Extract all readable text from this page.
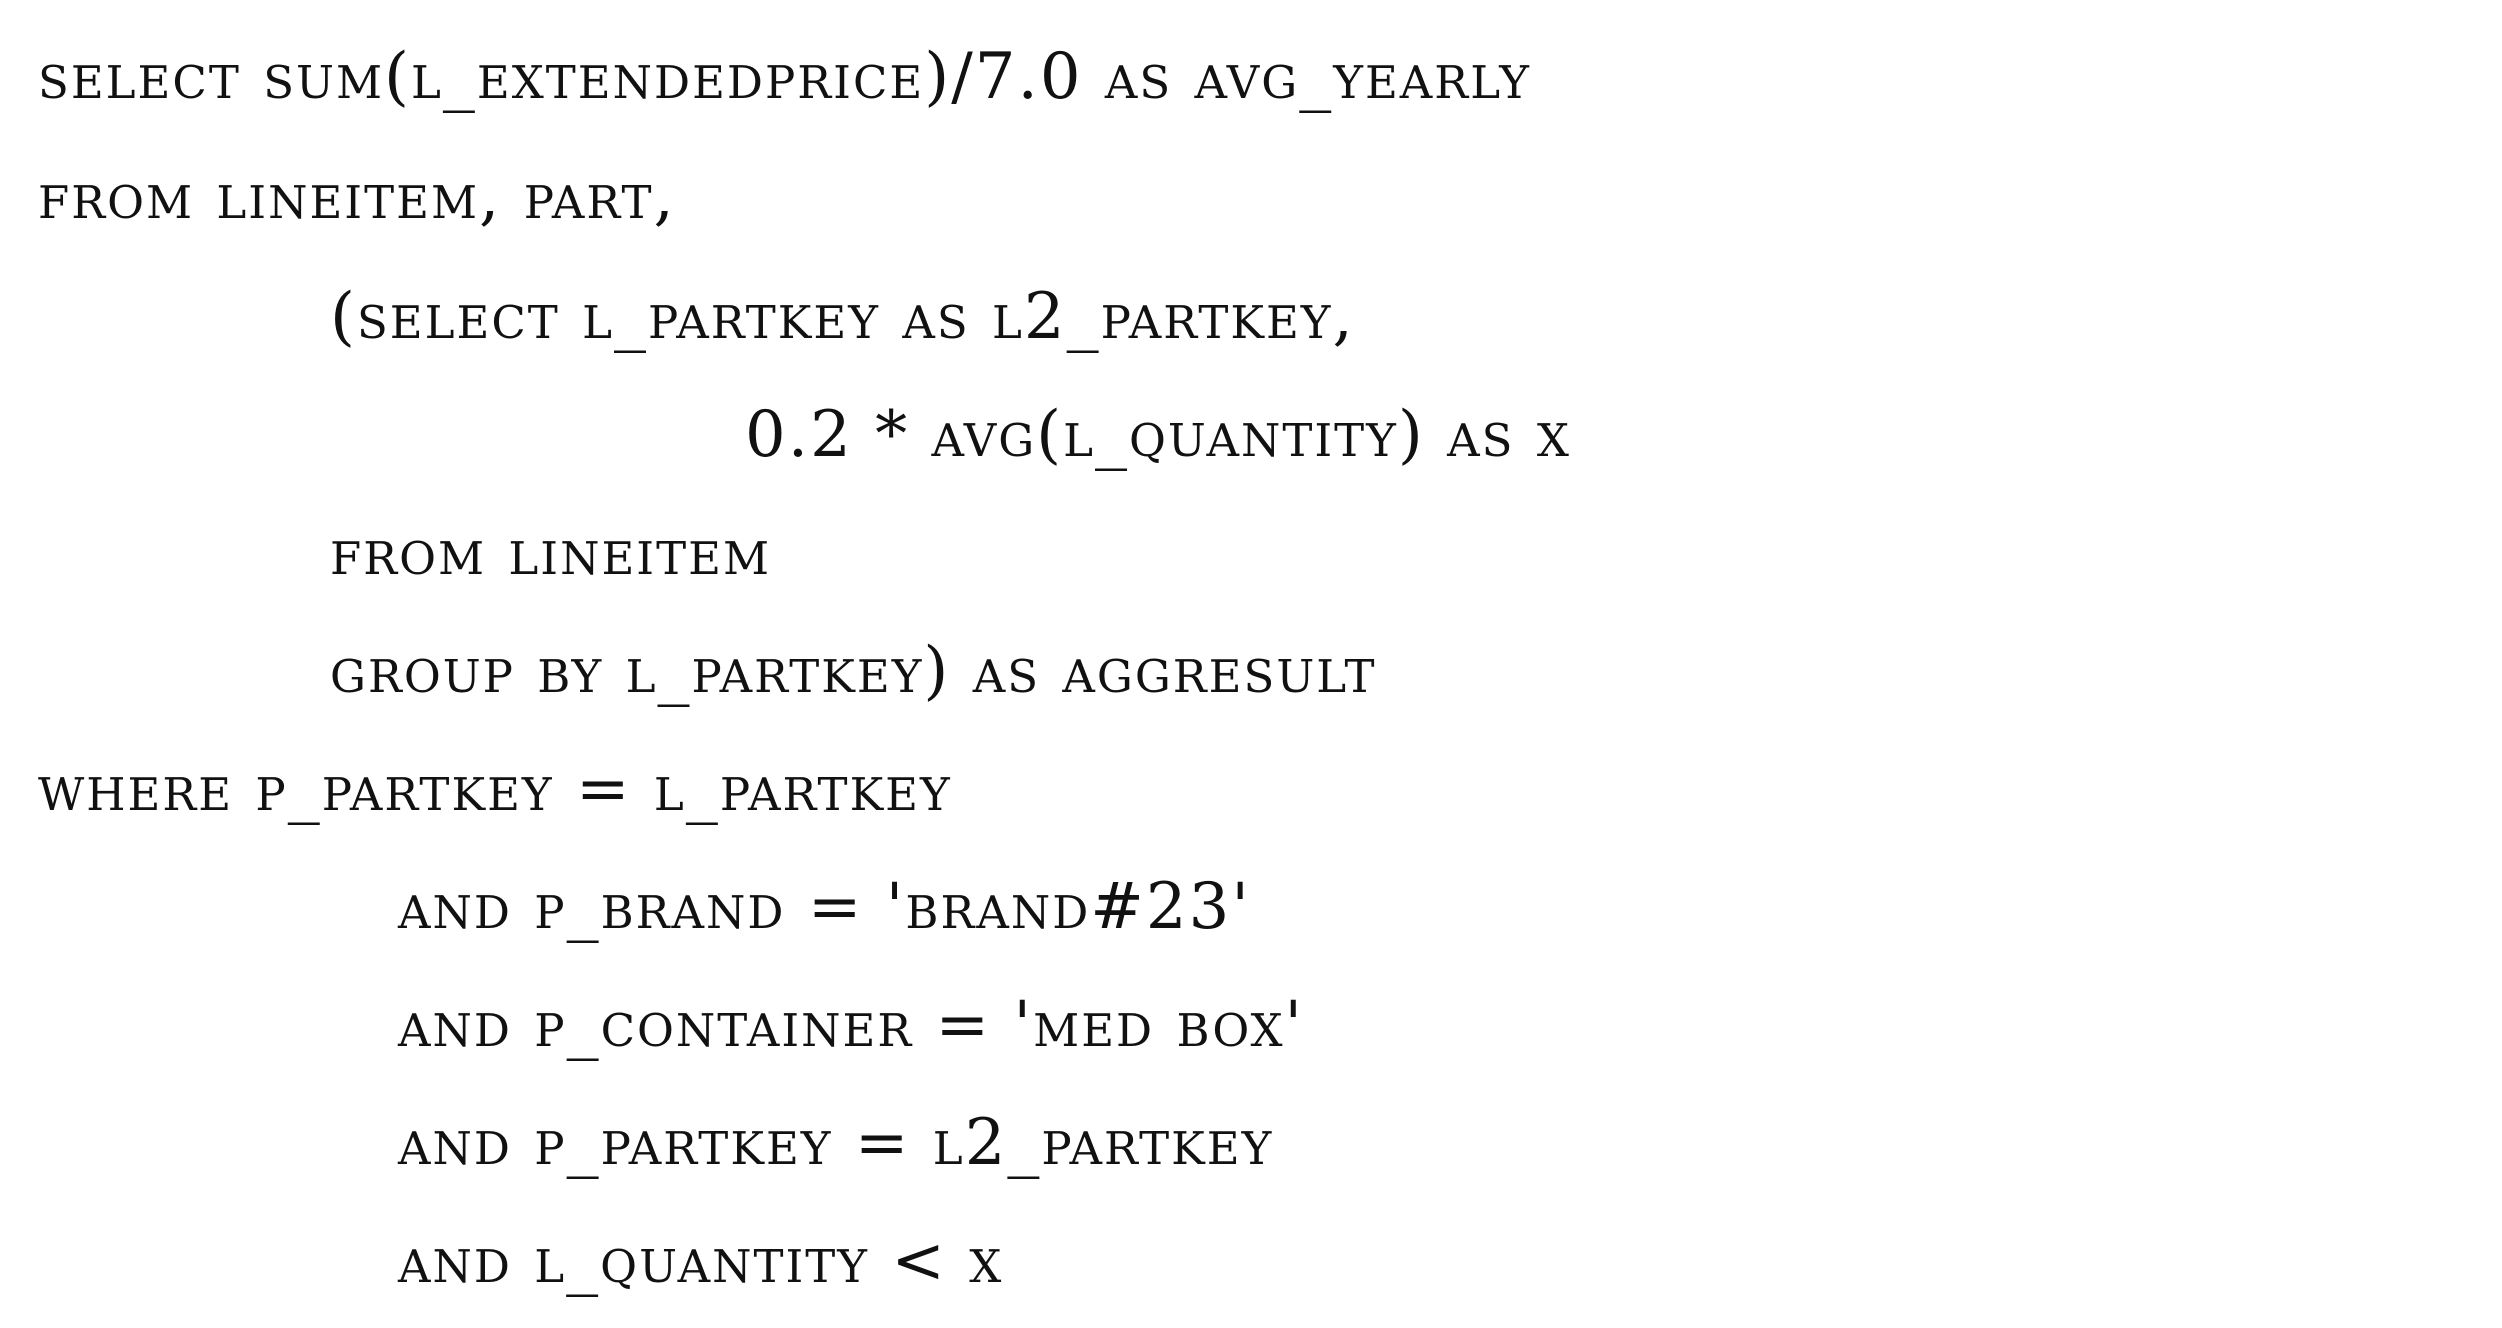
select sum(l_extendedprice)/7.0 as avg_yearly
from lineitem, part,
(select l_partkey as l2_partkey,
0.2 * avg(l_quantity) as x
from lineitem
group by l_partkey) as aggresult
where p_partkey = l_partkey
and p_brand = 'brand#23'
and p_container = 'med box'
and p_partkey = l2_partkey
and l_quantity < x
